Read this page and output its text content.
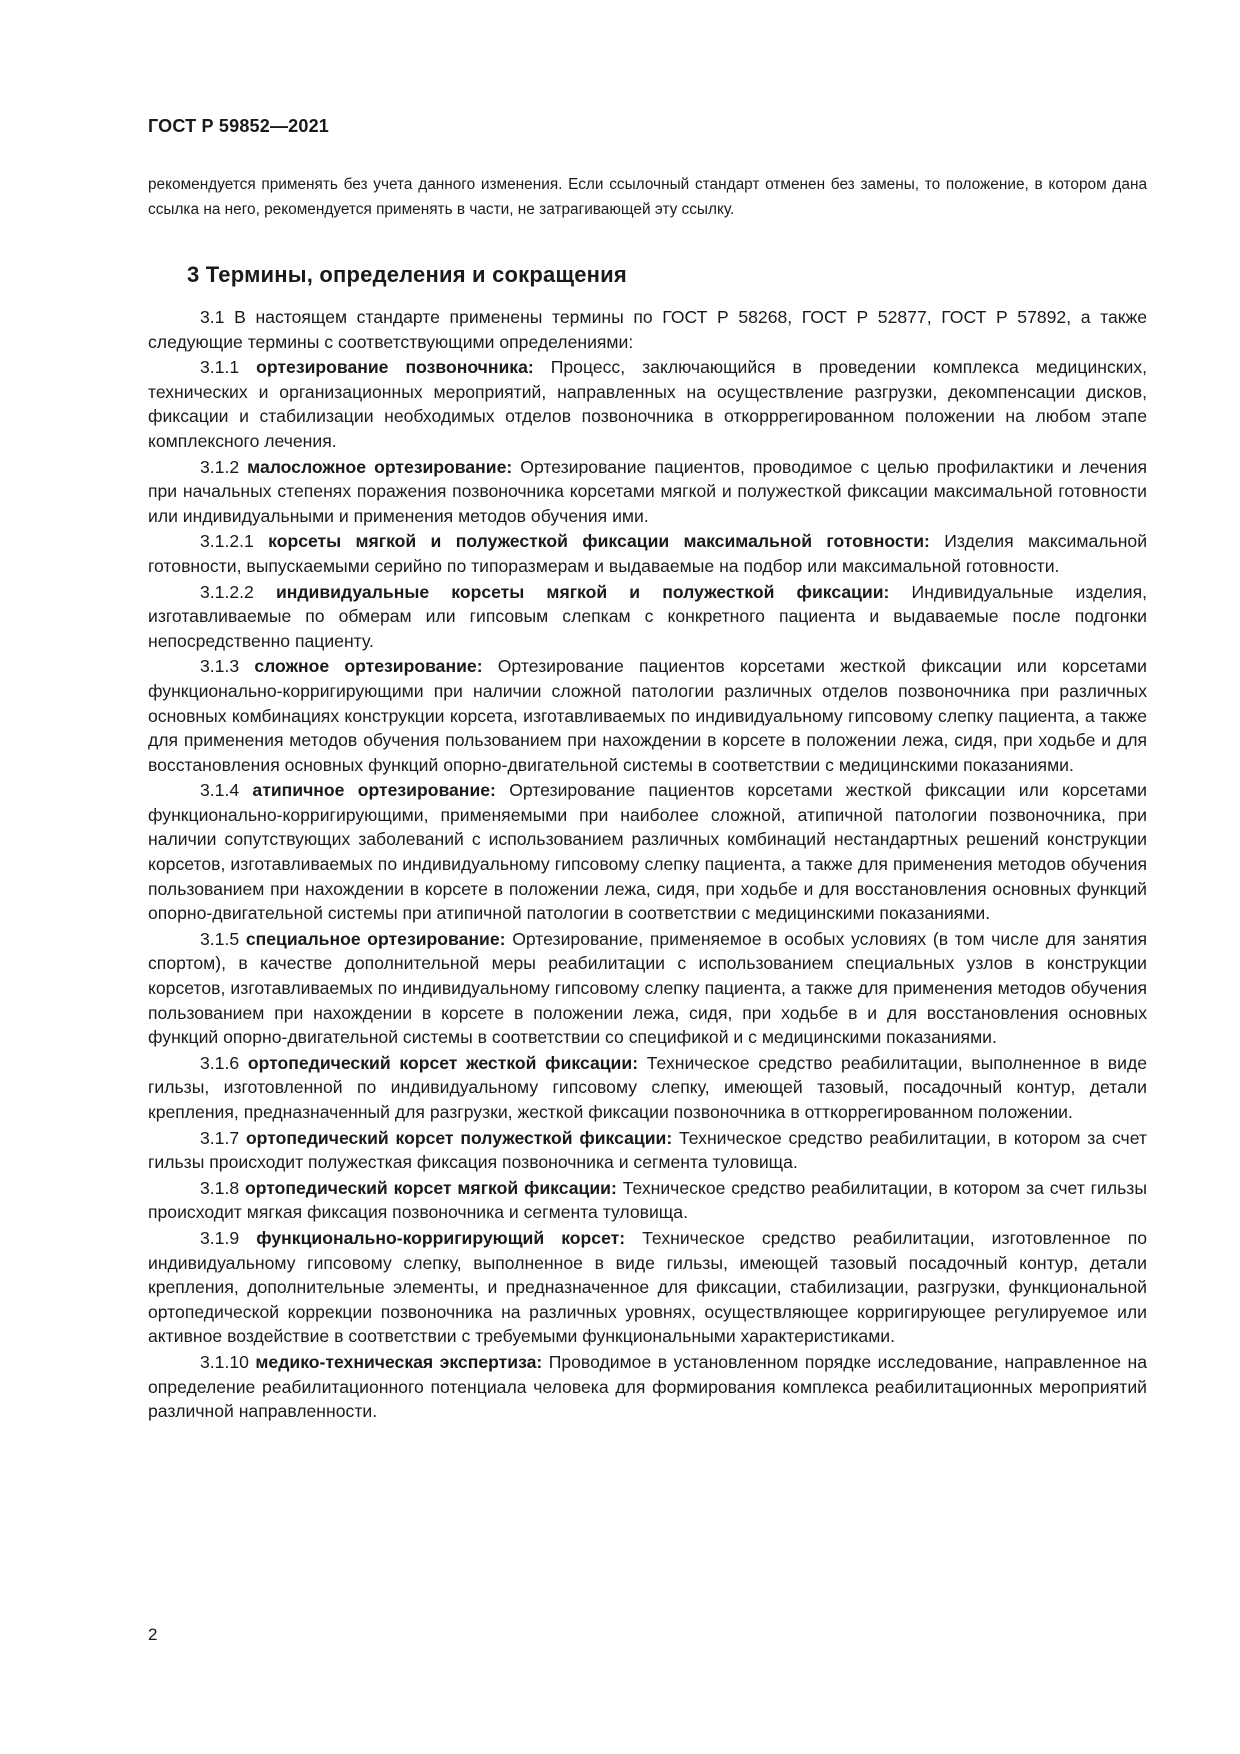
ГОСТ Р 59852—2021
рекомендуется применять без учета данного изменения. Если ссылочный стандарт отменен без замены, то положение, в котором дана ссылка на него, рекомендуется применять в части, не затрагивающей эту ссылку.
3 Термины, определения и сокращения

3.1 В настоящем стандарте применены термины по ГОСТ Р 58268, ГОСТ Р 52877, ГОСТ Р 57892, а также следующие термины с соответствующими определениями:

3.1.1 ортезирование позвоночника: Процесс, заключающийся в проведении комплекса медицинских, технических и организационных мероприятий, направленных на осуществление разгрузки, декомпенсации дисков, фиксации и стабилизации необходимых отделов позвоночника в откорррегированном положении на любом этапе комплексного лечения.

3.1.2 малосложное ортезирование: Ортезирование пациентов, проводимое с целью профилактики и лечения при начальных степенях поражения позвоночника корсетами мягкой и полужесткой фиксации максимальной готовности или индивидуальными и применения методов обучения ими.

3.1.2.1 корсеты мягкой и полужесткой фиксации максимальной готовности: Изделия максимальной готовности, выпускаемыми серийно по типоразмерам и выдаваемые на подбор или максимальной готовности.

3.1.2.2 индивидуальные корсеты мягкой и полужесткой фиксации: Индивидуальные изделия, изготавливаемые по обмерам или гипсовым слепкам с конкретного пациента и выдаваемые после подгонки непосредственно пациенту.

3.1.3 сложное ортезирование: Ортезирование пациентов корсетами жесткой фиксации или корсетами функционально-корригирующими при наличии сложной патологии различных отделов позвоночника при различных основных комбинациях конструкции корсета, изготавливаемых по индивидуальному гипсовому слепку пациента, а также для применения методов обучения пользованием при нахождении в корсете в положении лежа, сидя, при ходьбе и для восстановления основных функций опорно-двигательной системы в соответствии с медицинскими показаниями.

3.1.4 атипичное ортезирование: Ортезирование пациентов корсетами жесткой фиксации или корсетами функционально-корригирующими, применяемыми при наиболее сложной, атипичной патологии позвоночника, при наличии сопутствующих заболеваний с использованием различных комбинаций нестандартных решений конструкции корсетов, изготавливаемых по индивидуальному гипсовому слепку пациента, а также для применения методов обучения пользованием при нахождении в корсете в положении лежа, сидя, при ходьбе и для восстановления основных функций опорно-двигательной системы при атипичной патологии в соответствии с медицинскими показаниями.

3.1.5 специальное ортезирование: Ортезирование, применяемое в особых условиях (в том числе для занятия спортом), в качестве дополнительной меры реабилитации с использованием специальных узлов в конструкции корсетов, изготавливаемых по индивидуальному гипсовому слепку пациента, а также для применения методов обучения пользованием при нахождении в корсете в положении лежа, сидя, при ходьбе в и для восстановления основных функций опорно-двигательной системы в соответствии со спецификой и с медицинскими показаниями.

3.1.6 ортопедический корсет жесткой фиксации: Техническое средство реабилитации, выполненное в виде гильзы, изготовленной по индивидуальному гипсовому слепку, имеющей тазовый, посадочный контур, детали крепления, предназначенный для разгрузки, жесткой фиксации позвоночника в отткоррегированном положении.

3.1.7 ортопедический корсет полужесткой фиксации: Техническое средство реабилитации, в котором за счет гильзы происходит полужесткая фиксация позвоночника и сегмента туловища.

3.1.8 ортопедический корсет мягкой фиксации: Техническое средство реабилитации, в котором за счет гильзы происходит мягкая фиксация позвоночника и сегмента туловища.

3.1.9 функционально-корригирующий корсет: Техническое средство реабилитации, изготовленное по индивидуальному гипсовому слепку, выполненное в виде гильзы, имеющей тазовый посадочный контур, детали крепления, дополнительные элементы, и предназначенное для фиксации, стабилизации, разгрузки, функциональной ортопедической коррекции позвоночника на различных уровнях, осуществляющее корригирующее регулируемое или активное воздействие в соответствии с требуемыми функциональными характеристиками.

3.1.10 медико-техническая экспертиза: Проводимое в установленном порядке исследование, направленное на определение реабилитационного потенциала человека для формирования комплекса реабилитационных мероприятий различной направленности.

2
